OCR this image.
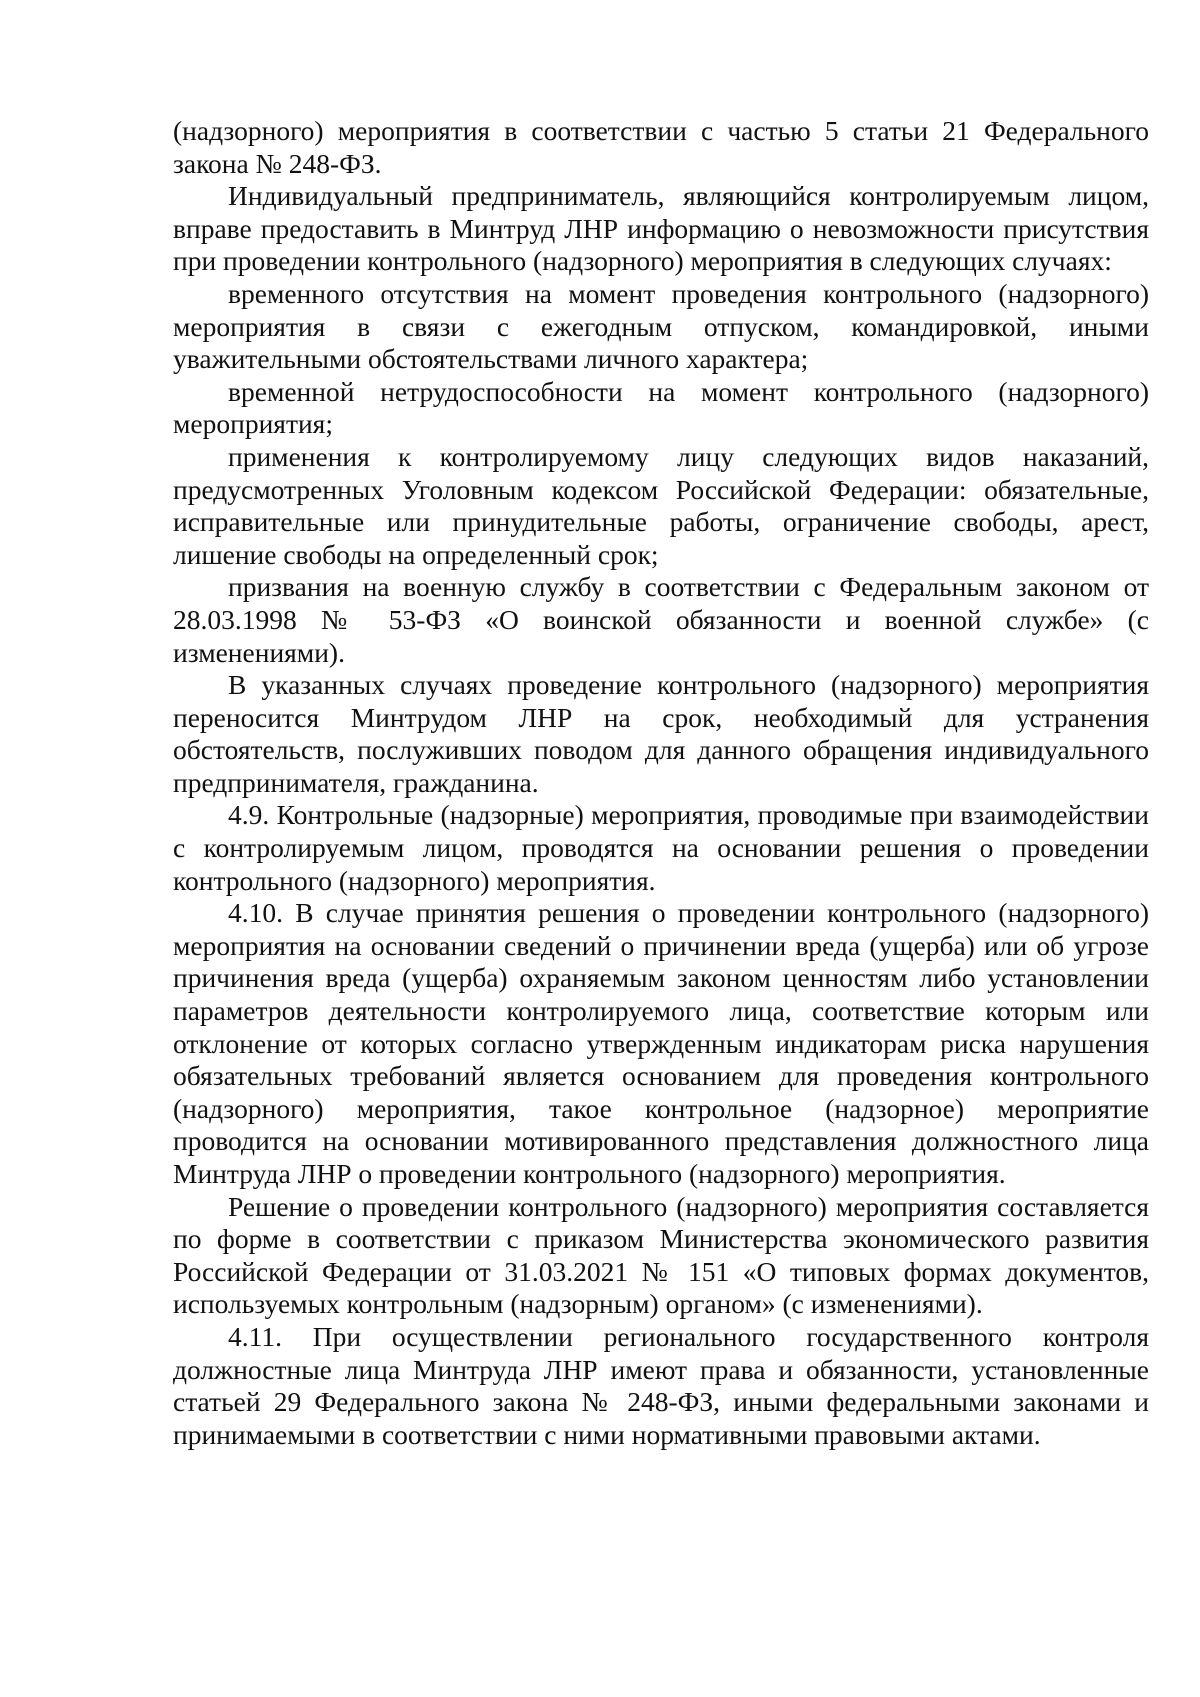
(надзорного) мероприятия в соответствии с частью 5 статьи 21 Федерального закона № 248-ФЗ.

Индивидуальный предприниматель, являющийся контролируемым лицом, вправе предоставить в Минтруд ЛНР информацию о невозможности присутствия при проведении контрольного (надзорного) мероприятия в следующих случаях:

временного отсутствия на момент проведения контрольного (надзорного) мероприятия в связи с ежегодным отпуском, командировкой, иными уважительными обстоятельствами личного характера;

временной нетрудоспособности на момент контрольного (надзорного) мероприятия;

применения к контролируемому лицу следующих видов наказаний, предусмотренных Уголовным кодексом Российской Федерации: обязательные, исправительные или принудительные работы, ограничение свободы, арест, лишение свободы на определенный срок;

призвания на военную службу в соответствии с Федеральным законом от 28.03.1998 № 53-ФЗ «О воинской обязанности и военной службе» (с изменениями).

В указанных случаях проведение контрольного (надзорного) мероприятия переносится Минтрудом ЛНР на срок, необходимый для устранения обстоятельств, послуживших поводом для данного обращения индивидуального предпринимателя, гражданина.

4.9. Контрольные (надзорные) мероприятия, проводимые при взаимодействии с контролируемым лицом, проводятся на основании решения о проведении контрольного (надзорного) мероприятия.

4.10. В случае принятия решения о проведении контрольного (надзорного) мероприятия на основании сведений о причинении вреда (ущерба) или об угрозе причинения вреда (ущерба) охраняемым законом ценностям либо установлении параметров деятельности контролируемого лица, соответствие которым или отклонение от которых согласно утвержденным индикаторам риска нарушения обязательных требований является основанием для проведения контрольного (надзорного) мероприятия, такое контрольное (надзорное) мероприятие проводится на основании мотивированного представления должностного лица Минтруда ЛНР о проведении контрольного (надзорного) мероприятия.

Решение о проведении контрольного (надзорного) мероприятия составляется по форме в соответствии с приказом Министерства экономического развития Российской Федерации от 31.03.2021 № 151 «О типовых формах документов, используемых контрольным (надзорным) органом» (с изменениями).

4.11. При осуществлении регионального государственного контроля должностные лица Минтруда ЛНР имеют права и обязанности, установленные статьей 29 Федерального закона № 248-ФЗ, иными федеральными законами и принимаемыми в соответствии с ними нормативными правовыми актами.
